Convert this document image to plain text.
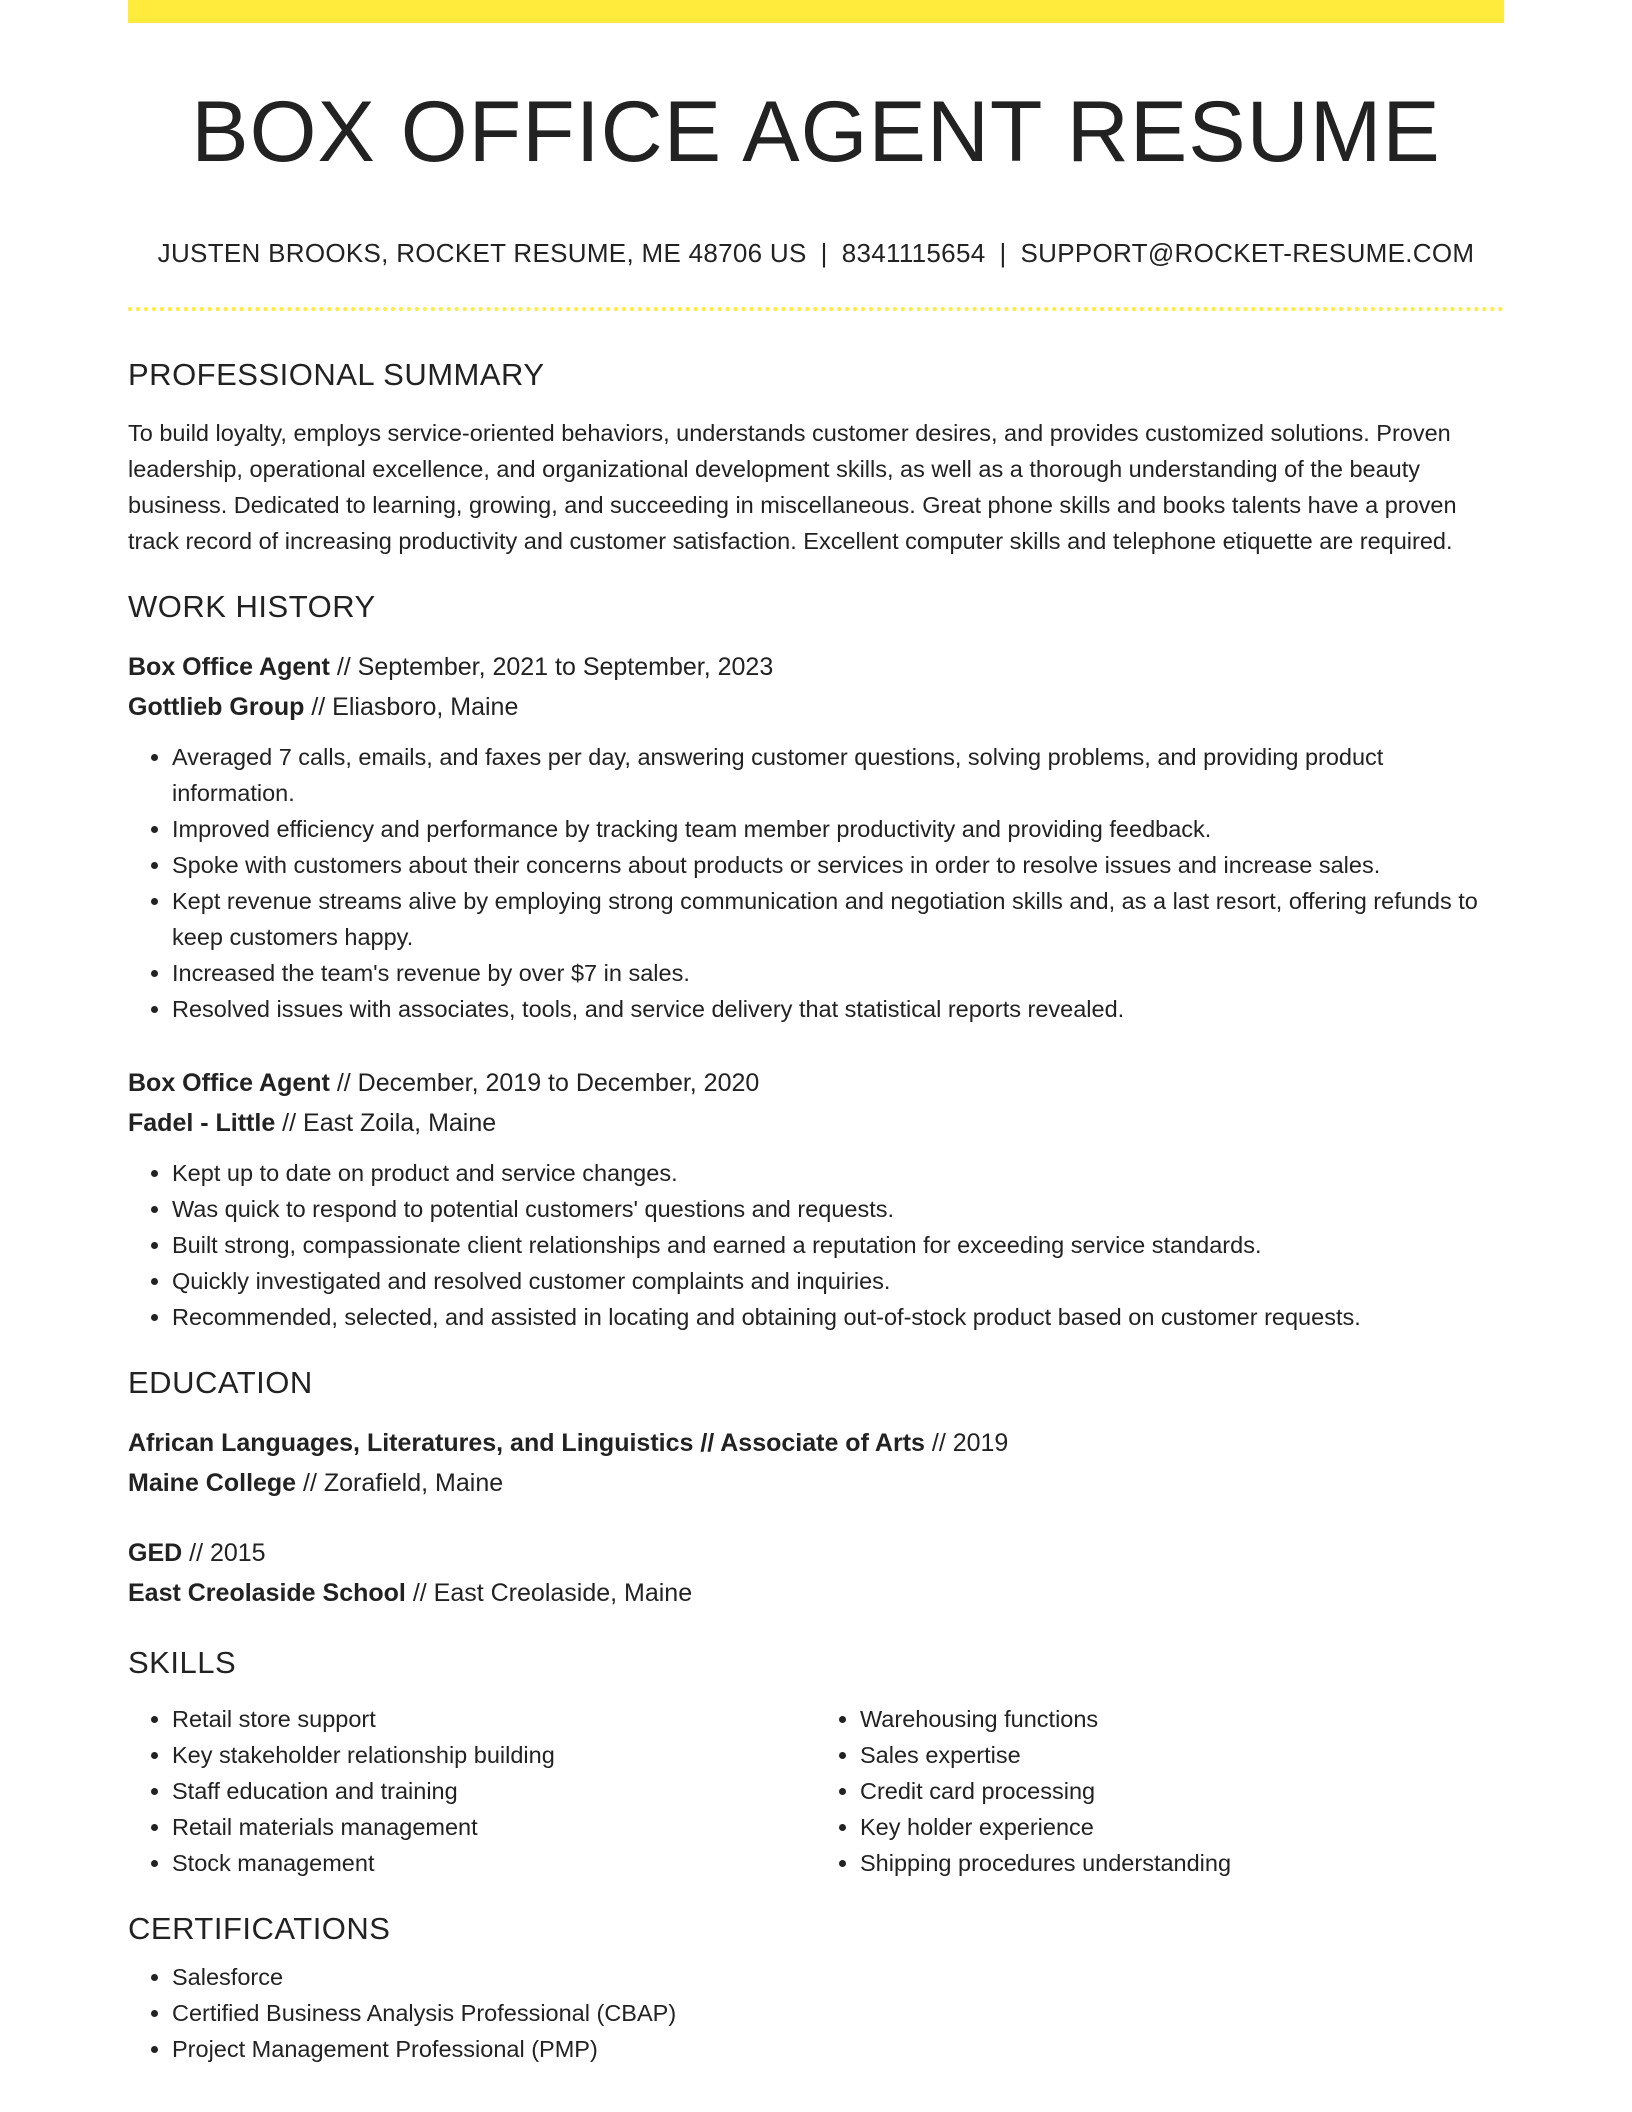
BOX OFFICE AGENT RESUME
JUSTEN BROOKS, ROCKET RESUME, ME 48706 US | 8341115654 | SUPPORT@ROCKET-RESUME.COM
PROFESSIONAL SUMMARY

To build loyalty, employs service-oriented behaviors, understands customer desires, and provides customized solutions. Proven leadership, operational excellence, and organizational development skills, as well as a thorough understanding of the beauty business. Dedicated to learning, growing, and succeeding in miscellaneous. Great phone skills and books talents have a proven track record of increasing productivity and customer satisfaction. Excellent computer skills and telephone etiquette are required.

WORK HISTORY
Box Office Agent // September, 2021 to September, 2023
Gottlieb Group // Eliasboro, Maine
• Averaged 7 calls, emails, and faxes per day, answering customer questions, solving problems, and providing product information.
• Improved efficiency and performance by tracking team member productivity and providing feedback.
• Spoke with customers about their concerns about products or services in order to resolve issues and increase sales.
• Kept revenue streams alive by employing strong communication and negotiation skills and, as a last resort, offering refunds to keep customers happy.
• Increased the team's revenue by over $7 in sales.
• Resolved issues with associates, tools, and service delivery that statistical reports revealed.
Box Office Agent // December, 2019 to December, 2020
Fadel - Little // East Zoila, Maine
• Kept up to date on product and service changes.
• Was quick to respond to potential customers' questions and requests.
• Built strong, compassionate client relationships and earned a reputation for exceeding service standards.
• Quickly investigated and resolved customer complaints and inquiries.
• Recommended, selected, and assisted in locating and obtaining out-of-stock product based on customer requests.
EDUCATION
African Languages, Literatures, and Linguistics // Associate of Arts // 2019
Maine College // Zorafield, Maine
GED // 2015
East Creolaside School // East Creolaside, Maine
SKILLS
• Retail store support
• Key stakeholder relationship building
• Staff education and training
• Retail materials management
• Stock management
• Warehousing functions
• Sales expertise
• Credit card processing
• Key holder experience
• Shipping procedures understanding
CERTIFICATIONS
• Salesforce
• Certified Business Analysis Professional (CBAP)
• Project Management Professional (PMP)
